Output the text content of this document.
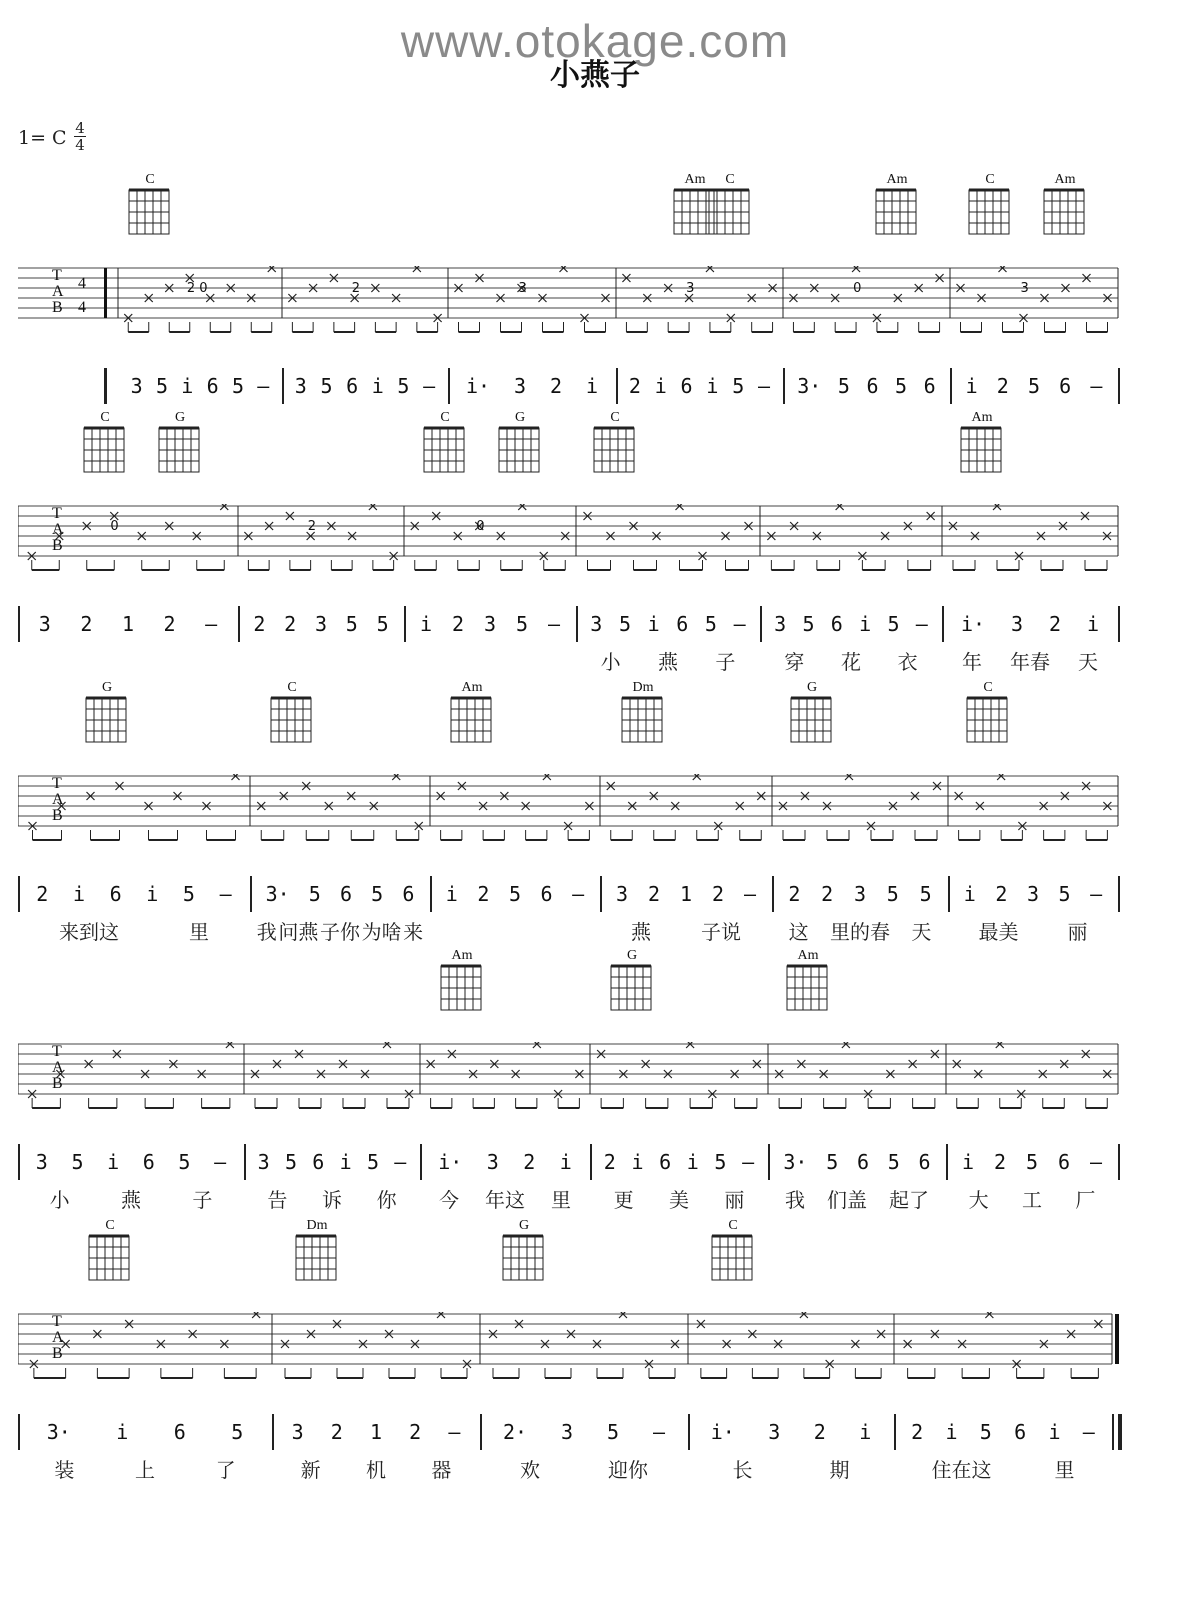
www.otokage.com
小燕子
1= C 4
4
C	Am	C	Am	C	Am
T
A
B
4
4
2 0	2	3	3	0	3
3 5 i 6 5 – 3 5 6 i 5 – i· 3 2 i 2 i 6 i 5 – 3· 5 6 5 6 i 2 5 6 –
C	G	C	G	C	Am
T
A
B
0	2	0
3 2 1 2 – 2 2 3 5 5 i 2 3 5 – 3 5 i 6 5 – 3 5 6 i 5 – i· 3 2 i
小 燕 子 穿 花 衣 年 年春 天
G	C	Am	Dm	G	C
T
A
B
2 i 6 i 5 – 3· 5 6 5 6 i 2 5 6 – 3 2 1 2 – 2 2 3 5 5 i 2 3 5 –
来到这	里 我 问燕 子你 为啥 来	燕	子说 这 里的春 天 最美 丽
Am	G	Am
T
A
B
3 5 i 6 5 – 3 5 6 i 5 – i· 3 2 i 2 i 6 i 5 – 3· 5 6 5 6 i 2 5 6 –
小	燕	子	告 诉 你 今 年这 里 更 美 丽 我 们盖 起了 大 工 厂
C	Dm	G	C
T
A
B
3· i 6 5 3 2 1 2 – 2· 3 5 – i· 3 2 i 2 i 5 6 i –
装	上	了	新 机 器	欢	迎你	长	期	住在这	里
